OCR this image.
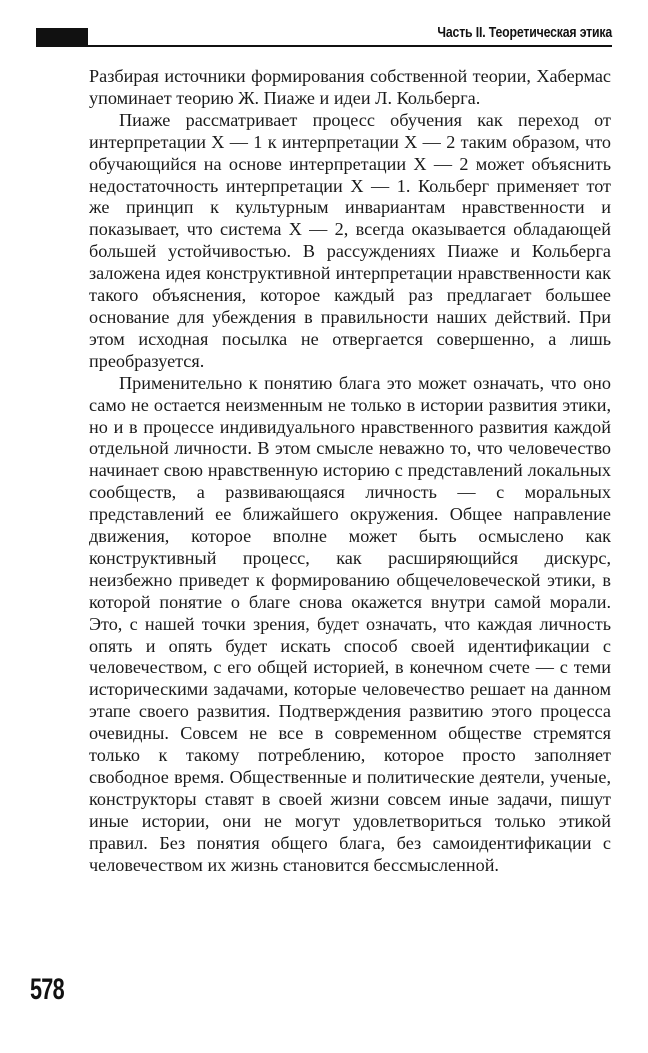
Часть II. Теоретическая этика

Разбирая источники формирования собственной теории, Хабермас упоминает теорию Ж. Пиаже и идеи Л. Кольберга.

Пиаже рассматривает процесс обучения как переход от интерпретации X — 1 к интерпретации X — 2 таким образом, что обучающийся на основе интерпретации X — 2 может объяснить недостаточность интерпретации X — 1. Кольберг применяет тот же принцип к культурным инвариантам нравственности и показывает, что система X — 2, всегда оказывается обладающей большей устойчивостью. В рассуждениях Пиаже и Кольберга заложена идея конструктивной интерпретации нравственности как такого объяснения, которое каждый раз предлагает большее основание для убеждения в правильности наших действий. При этом исходная посылка не отвергается совершенно, а лишь преобразуется.

Применительно к понятию блага это может означать, что оно само не остается неизменным не только в истории развития этики, но и в процессе индивидуального нравственного развития каждой отдельной личности. В этом смысле неважно то, что человечество начинает свою нравственную историю с представлений локальных сообществ, а развивающаяся личность — с моральных представлений ее ближайшего окружения. Общее направление движения, которое вполне может быть осмыслено как конструктивный процесс, как расширяющийся дискурс, неизбежно приведет к формированию общечеловеческой этики, в которой понятие о благе снова окажется внутри самой морали. Это, с нашей точки зрения, будет означать, что каждая личность опять и опять будет искать способ своей идентификации с человечеством, с его общей историей, в конечном счете — с теми историческими задачами, которые человечество решает на данном этапе своего развития. Подтверждения развитию этого процесса очевидны. Совсем не все в современном обществе стремятся только к такому потреблению, которое просто заполняет свободное время. Общественные и политические деятели, ученые, конструкторы ставят в своей жизни совсем иные задачи, пишут иные истории, они не могут удовлетвориться только этикой правил. Без понятия общего блага, без самоидентификации с человечеством их жизнь становится бессмысленной.

578
